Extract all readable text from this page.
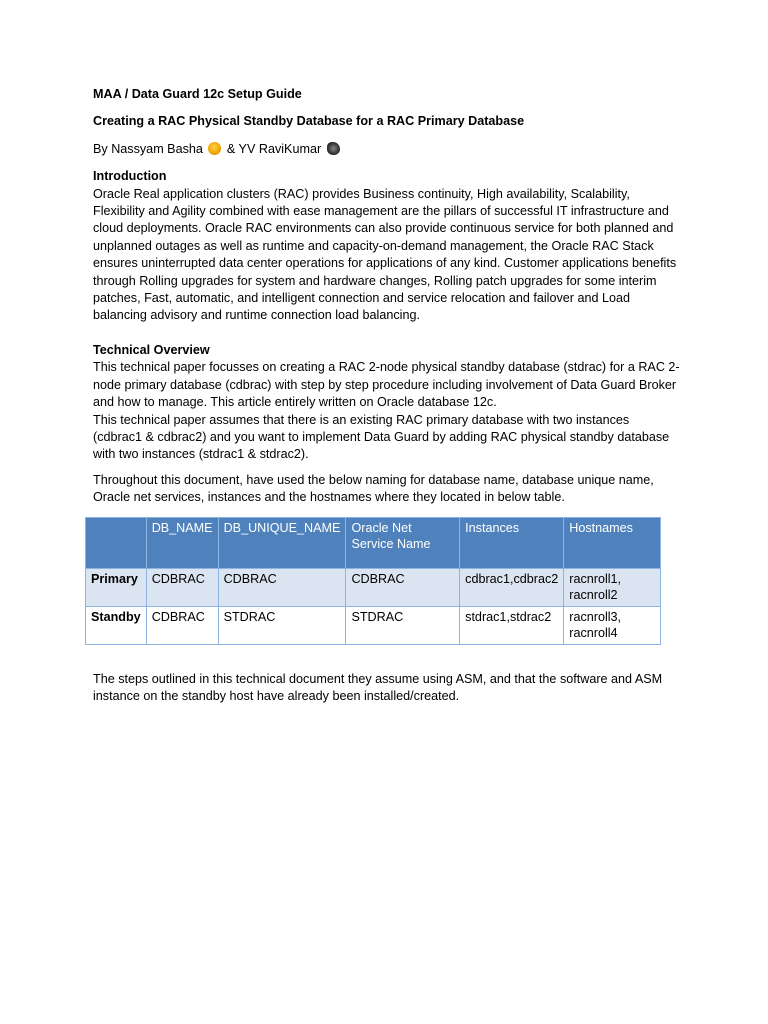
MAA / Data Guard 12c Setup Guide

Creating a RAC Physical Standby Database for a RAC Primary Database

By Nassyam Basha & YV RaviKumar

Introduction

Oracle Real application clusters (RAC) provides Business continuity, High availability, Scalability, Flexibility and Agility combined with ease management are the pillars of successful IT infrastructure and cloud deployments. Oracle RAC environments can also provide continuous service for both planned and unplanned outages as well as runtime and capacity-on-demand management, the Oracle RAC Stack ensures uninterrupted data center operations for applications of any kind. Customer applications benefits through Rolling upgrades for system and hardware changes, Rolling patch upgrades for some interim patches, Fast, automatic, and intelligent connection and service relocation and failover and Load balancing advisory and runtime connection load balancing.

Technical Overview

This technical paper focusses on creating a RAC 2-node physical standby database (stdrac) for a RAC 2-node primary database (cdbrac) with step by step procedure including involvement of Data Guard Broker and how to manage. This article entirely written on Oracle database 12c.

This technical paper assumes that there is an existing RAC primary database with two instances (cdbrac1 & cdbrac2) and you want to implement Data Guard by adding RAC physical standby database with two instances (stdrac1 & stdrac2).

Throughout this document, have used the below naming for database name, database unique name, Oracle net services, instances and the hostnames where they located in below table.

	DB_NAME	DB_UNIQUE_NAME	Oracle Net Service Name	Instances	Hostnames
Primary	CDBRAC	CDBRAC	CDBRAC	cdbrac1,cdbrac2	racnroll1, racnroll2
Standby	CDBRAC	STDRAC	STDRAC	stdrac1,stdrac2	racnroll3, racnroll4

The steps outlined in this technical document they assume using ASM, and that the software and ASM instance on the standby host have already been installed/created.
